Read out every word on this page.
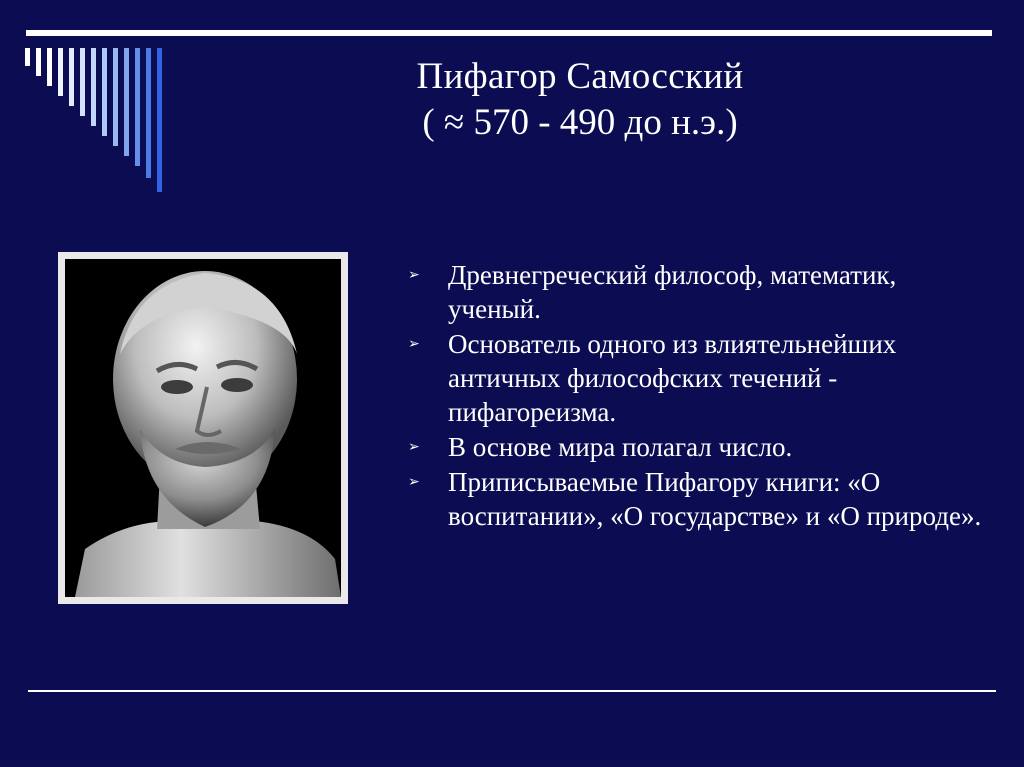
Пифагор Самосский
( ≈ 570 - 490 до н.э.)
➢ Древнегреческий философ, математик, ученый.
➢ Основатель одного из влиятельнейших античных философских течений - пифагореизма.
➢ В основе мира полагал число.
➢ Приписываемые Пифагору книги: «О воспитании», «О государстве» и «О природе».
